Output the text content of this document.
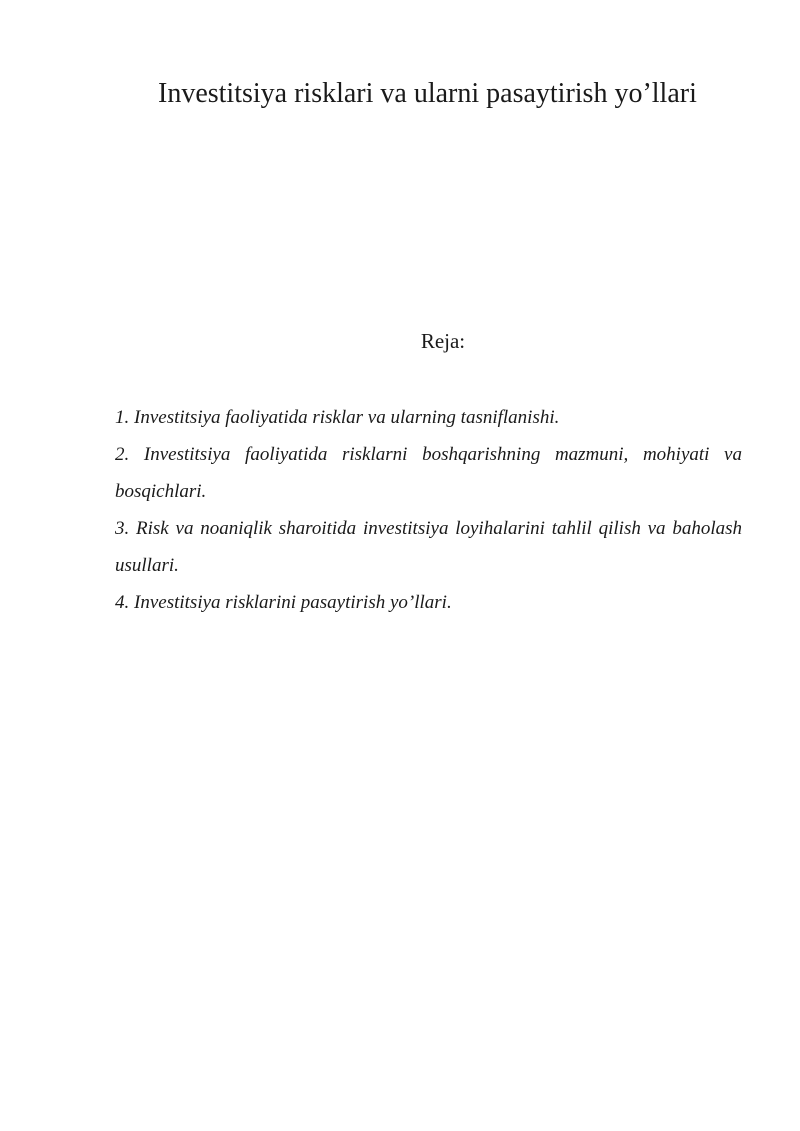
Investitsiya risklari va ularni pasaytirish yo’llari
Reja:
1. Investitsiya faoliyatida risklar va ularning tasniflanishi.
2. Investitsiya faoliyatida risklarni boshqarishning mazmuni, mohiyati va bosqichlari.
3. Risk va noaniqlik sharoitida investitsiya loyihalarini tahlil qilish va baholash usullari.
4. Investitsiya risklarini pasaytirish yo’llari.
